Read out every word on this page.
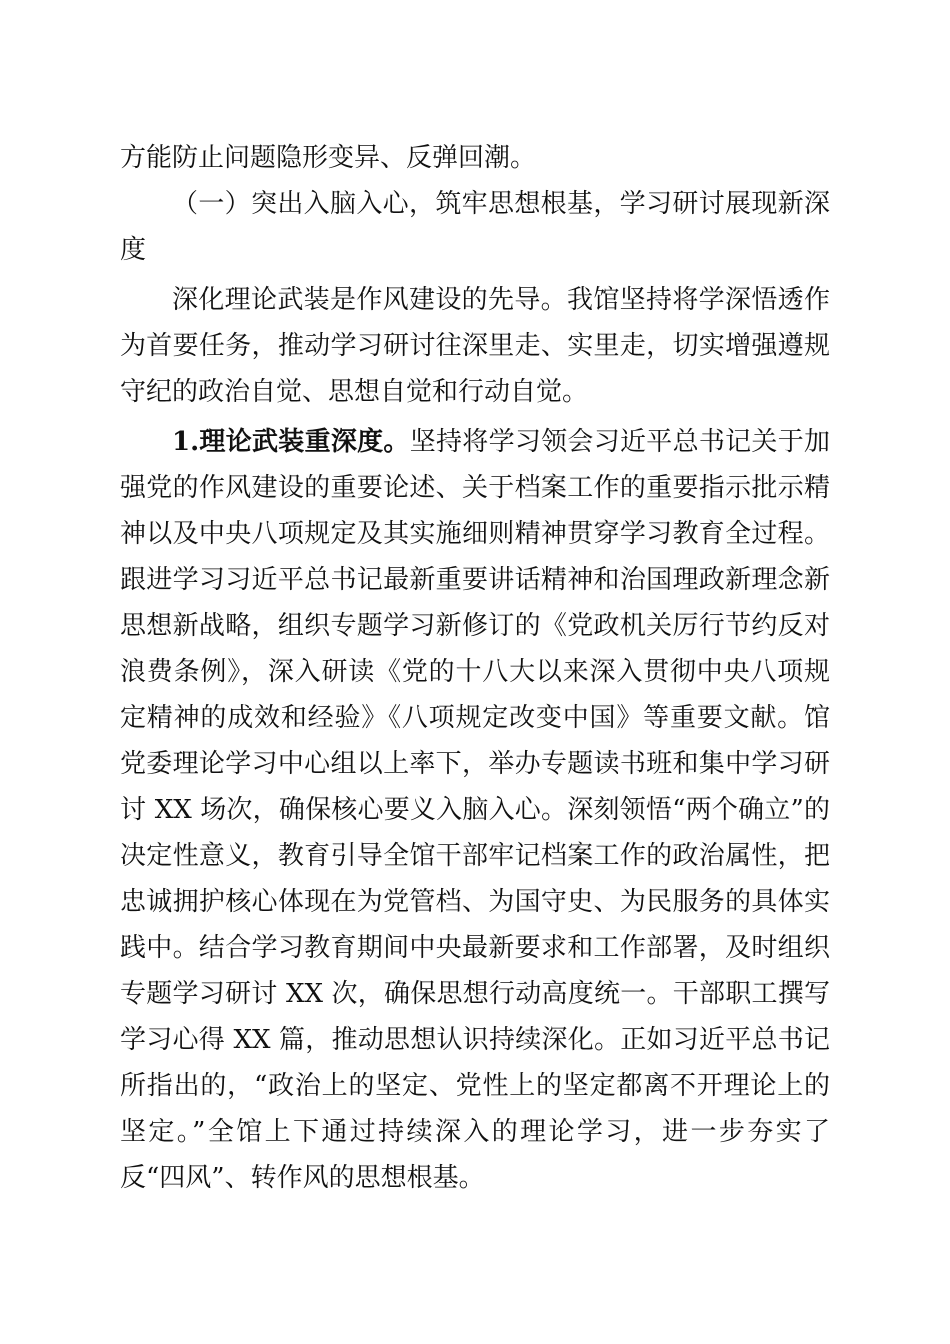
方能防止问题隐形变异、反弹回潮。

（一）突出入脑入心，筑牢思想根基，学习研讨展现新深度

深化理论武装是作风建设的先导。我馆坚持将学深悟透作为首要任务，推动学习研讨往深里走、实里走，切实增强遵规守纪的政治自觉、思想自觉和行动自觉。

1.理论武装重深度。坚持将学习领会习近平总书记关于加强党的作风建设的重要论述、关于档案工作的重要指示批示精神以及中央八项规定及其实施细则精神贯穿学习教育全过程。跟进学习习近平总书记最新重要讲话精神和治国理政新理念新思想新战略，组织专题学习新修订的《党政机关厉行节约反对浪费条例》，深入研读《党的十八大以来深入贯彻中央八项规定精神的成效和经验》《八项规定改变中国》等重要文献。馆党委理论学习中心组以上率下，举办专题读书班和集中学习研讨 XX 场次，确保核心要义入脑入心。深刻领悟“两个确立”的决定性意义，教育引导全馆干部牢记档案工作的政治属性，把忠诚拥护核心体现在为党管档、为国守史、为民服务的具体实践中。结合学习教育期间中央最新要求和工作部署，及时组织专题学习研讨 XX 次，确保思想行动高度统一。干部职工撰写学习心得 XX 篇，推动思想认识持续深化。正如习近平总书记所指出的，“政治上的坚定、党性上的坚定都离不开理论上的坚定。”全馆上下通过持续深入的理论学习，进一步夯实了反“四风”、转作风的思想根基。
